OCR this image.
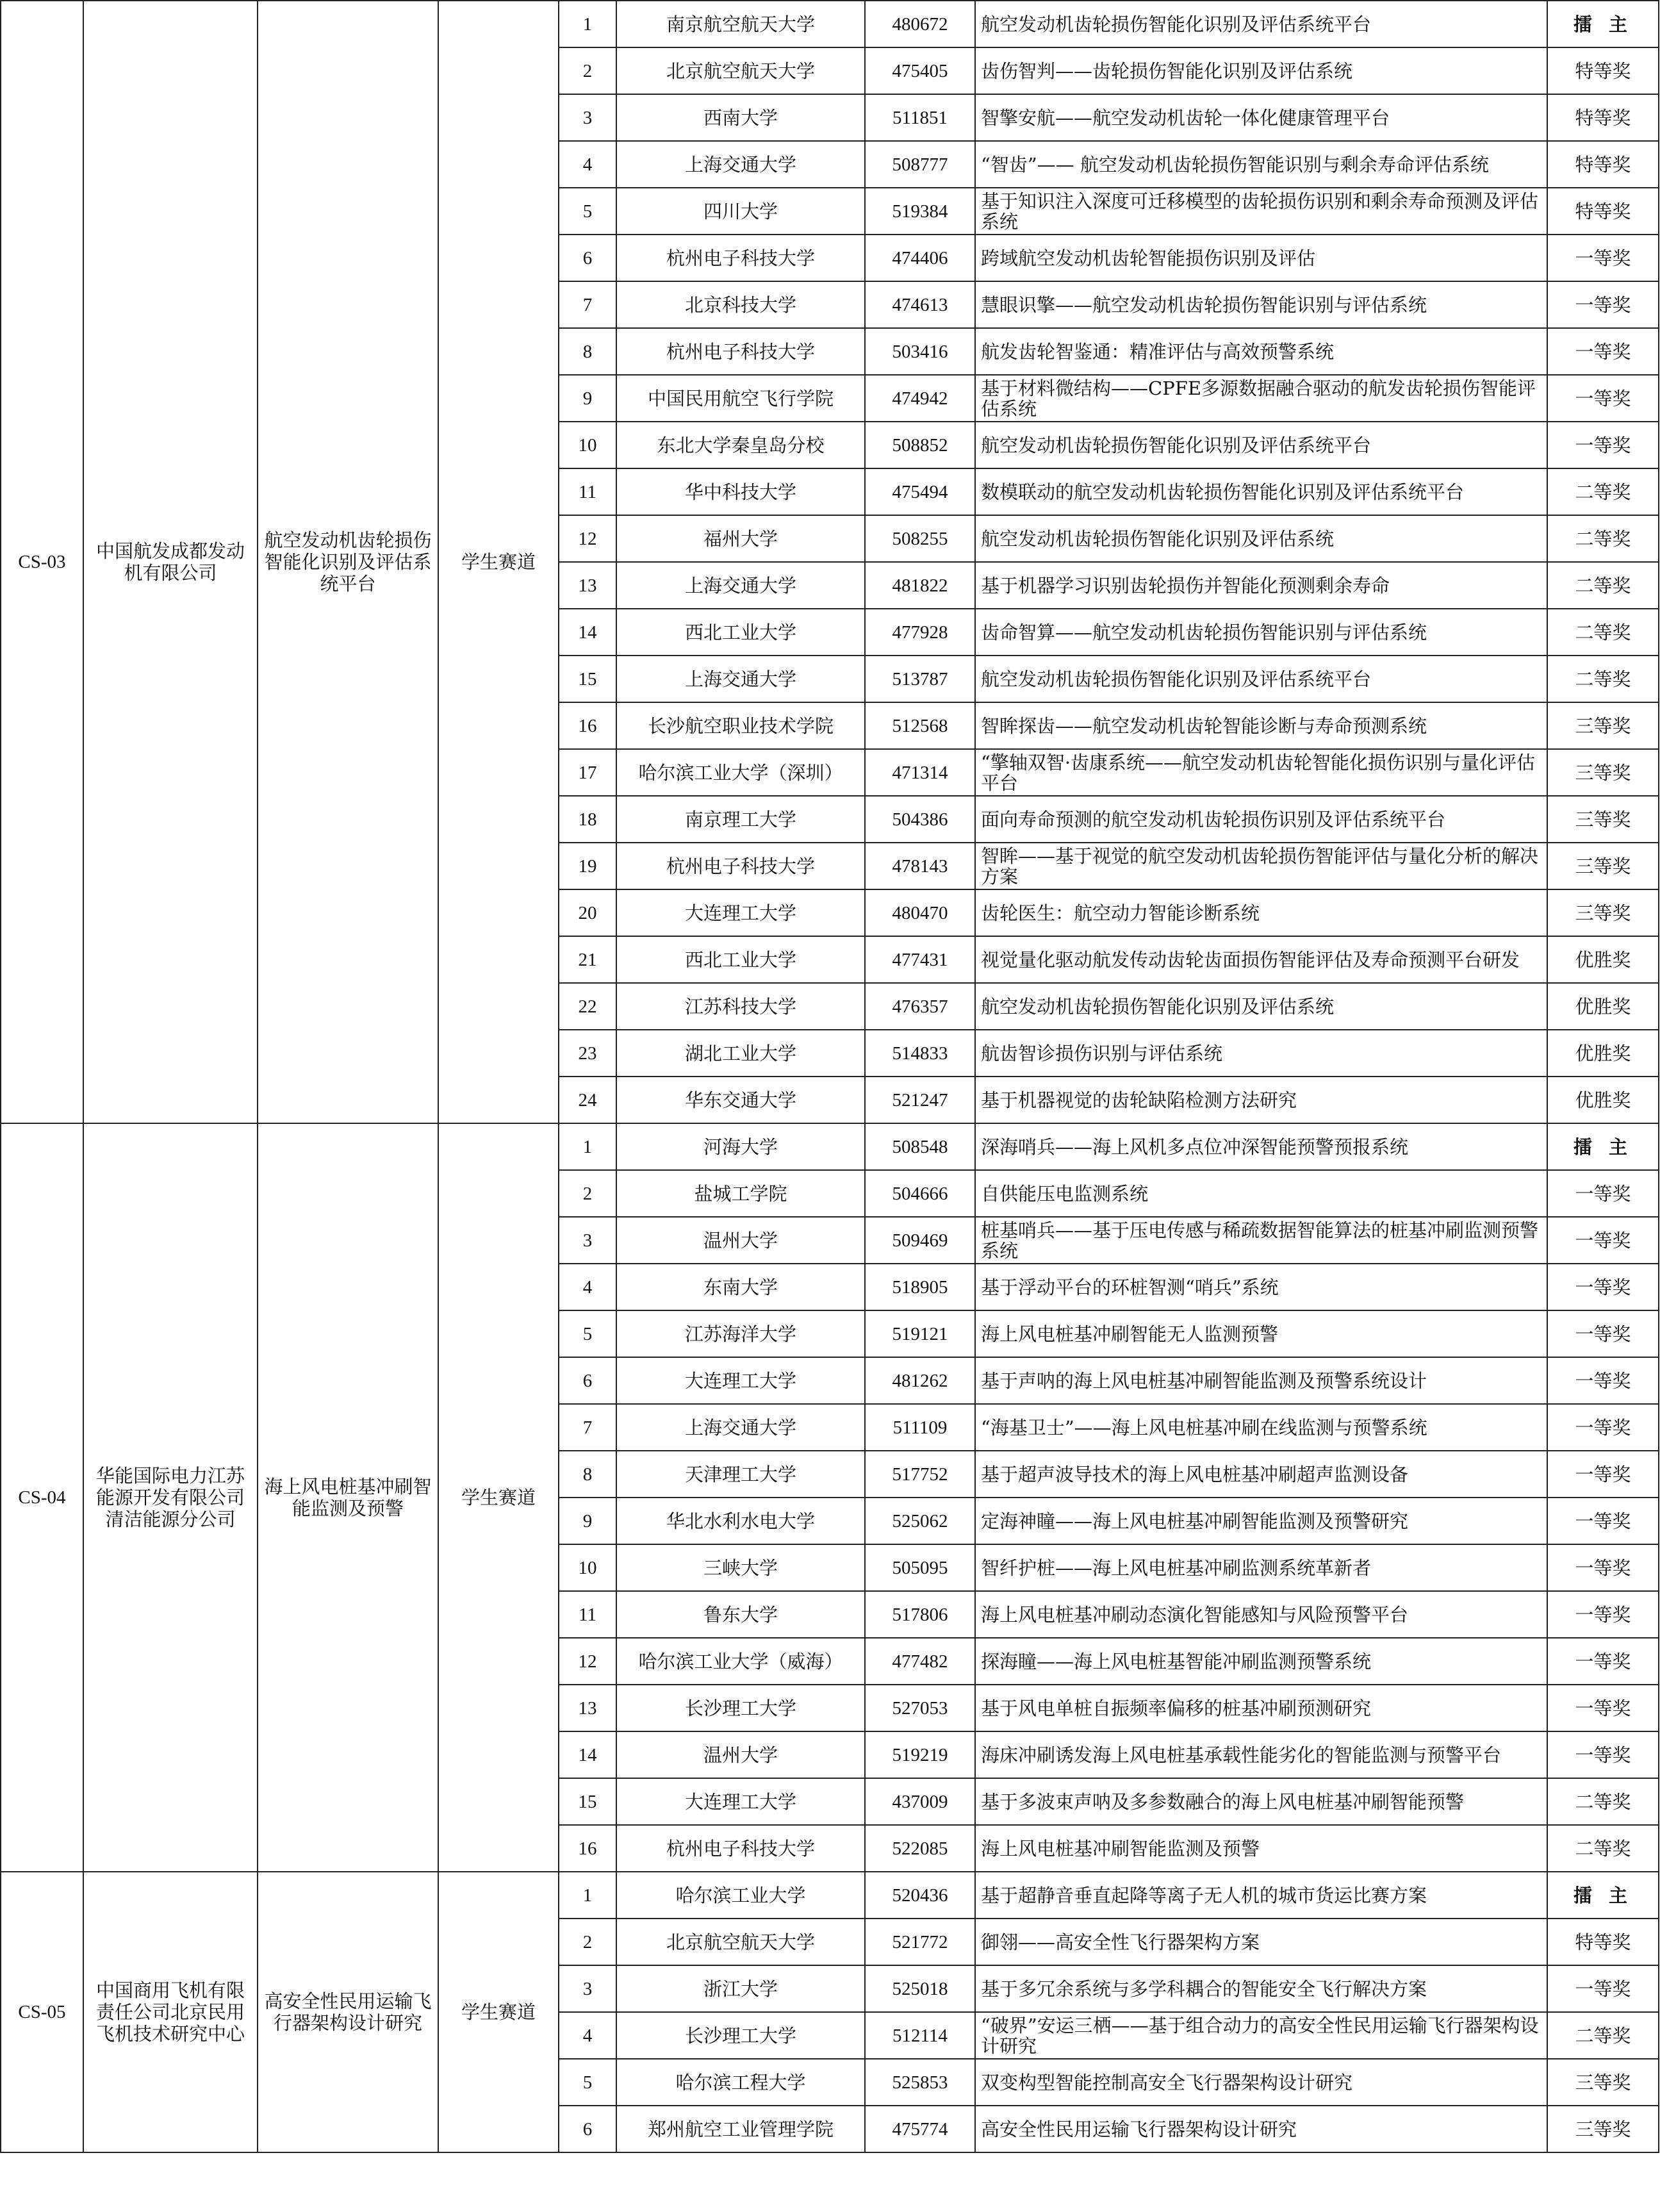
CS-03	中国航发成都发动机有限公司	航空发动机齿轮损伤智能化识别及评估系统平台	学生赛道	1	南京航空航天大学	480672	航空发动机齿轮损伤智能化识别及评估系统平台	擂 主
				2	北京航空航天大学	475405	齿伤智判——齿轮损伤智能化识别及评估系统	特等奖
				3	西南大学	511851	智擎安航——航空发动机齿轮一体化健康管理平台	特等奖
				4	上海交通大学	508777	“智齿”—— 航空发动机齿轮损伤智能识别与剩余寿命评估系统	特等奖
				5	四川大学	519384	基于知识注入深度可迁移模型的齿轮损伤识别和剩余寿命预测及评估系统	特等奖
				6	杭州电子科技大学	474406	跨域航空发动机齿轮智能损伤识别及评估	一等奖
				7	北京科技大学	474613	慧眼识擎——航空发动机齿轮损伤智能识别与评估系统	一等奖
				8	杭州电子科技大学	503416	航发齿轮智鉴通：精准评估与高效预警系统	一等奖
				9	中国民用航空飞行学院	474942	基于材料微结构——CPFE多源数据融合驱动的航发齿轮损伤智能评估系统	一等奖
				10	东北大学秦皇岛分校	508852	航空发动机齿轮损伤智能化识别及评估系统平台	一等奖
				11	华中科技大学	475494	数模联动的航空发动机齿轮损伤智能化识别及评估系统平台	二等奖
				12	福州大学	508255	航空发动机齿轮损伤智能化识别及评估系统	二等奖
				13	上海交通大学	481822	基于机器学习识别齿轮损伤并智能化预测剩余寿命	二等奖
				14	西北工业大学	477928	齿命智算——航空发动机齿轮损伤智能识别与评估系统	二等奖
				15	上海交通大学	513787	航空发动机齿轮损伤智能化识别及评估系统平台	二等奖
				16	长沙航空职业技术学院	512568	智眸探齿——航空发动机齿轮智能诊断与寿命预测系统	三等奖
				17	哈尔滨工业大学（深圳）	471314	“擎轴双智·齿康系统——航空发动机齿轮智能化损伤识别与量化评估平台	三等奖
				18	南京理工大学	504386	面向寿命预测的航空发动机齿轮损伤识别及评估系统平台	三等奖
				19	杭州电子科技大学	478143	智眸——基于视觉的航空发动机齿轮损伤智能评估与量化分析的解决方案	三等奖
				20	大连理工大学	480470	齿轮医生：航空动力智能诊断系统	三等奖
				21	西北工业大学	477431	视觉量化驱动航发传动齿轮齿面损伤智能评估及寿命预测平台研发	优胜奖
				22	江苏科技大学	476357	航空发动机齿轮损伤智能化识别及评估系统	优胜奖
				23	湖北工业大学	514833	航齿智诊损伤识别与评估系统	优胜奖
				24	华东交通大学	521247	基于机器视觉的齿轮缺陷检测方法研究	优胜奖
CS-04	华能国际电力江苏能源开发有限公司清洁能源分公司	海上风电桩基冲刷智能监测及预警	学生赛道	1	河海大学	508548	深海哨兵——海上风机多点位冲深智能预警预报系统	擂 主
				2	盐城工学院	504666	自供能压电监测系统	一等奖
				3	温州大学	509469	桩基哨兵——基于压电传感与稀疏数据智能算法的桩基冲刷监测预警系统	一等奖
				4	东南大学	518905	基于浮动平台的环桩智测“哨兵”系统	一等奖
				5	江苏海洋大学	519121	海上风电桩基冲刷智能无人监测预警	一等奖
				6	大连理工大学	481262	基于声呐的海上风电桩基冲刷智能监测及预警系统设计	一等奖
				7	上海交通大学	511109	“海基卫士”——海上风电桩基冲刷在线监测与预警系统	一等奖
				8	天津理工大学	517752	基于超声波导技术的海上风电桩基冲刷超声监测设备	一等奖
				9	华北水利水电大学	525062	定海神瞳——海上风电桩基冲刷智能监测及预警研究	一等奖
				10	三峡大学	505095	智纤护桩——海上风电桩基冲刷监测系统革新者	一等奖
				11	鲁东大学	517806	海上风电桩基冲刷动态演化智能感知与风险预警平台	一等奖
				12	哈尔滨工业大学（威海）	477482	探海瞳——海上风电桩基智能冲刷监测预警系统	一等奖
				13	长沙理工大学	527053	基于风电单桩自振频率偏移的桩基冲刷预测研究	一等奖
				14	温州大学	519219	海床冲刷诱发海上风电桩基承载性能劣化的智能监测与预警平台	一等奖
				15	大连理工大学	437009	基于多波束声呐及多参数融合的海上风电桩基冲刷智能预警	二等奖
				16	杭州电子科技大学	522085	海上风电桩基冲刷智能监测及预警	二等奖
CS-05	中国商用飞机有限责任公司北京民用飞机技术研究中心	高安全性民用运输飞行器架构设计研究	学生赛道	1	哈尔滨工业大学	520436	基于超静音垂直起降等离子无人机的城市货运比赛方案	擂 主
				2	北京航空航天大学	521772	御翎——高安全性飞行器架构方案	特等奖
				3	浙江大学	525018	基于多冗余系统与多学科耦合的智能安全飞行解决方案	一等奖
				4	长沙理工大学	512114	“破界”安运三栖——基于组合动力的高安全性民用运输飞行器架构设计研究	二等奖
				5	哈尔滨工程大学	525853	双变构型智能控制高安全飞行器架构设计研究	三等奖
				6	郑州航空工业管理学院	475774	高安全性民用运输飞行器架构设计研究	三等奖
